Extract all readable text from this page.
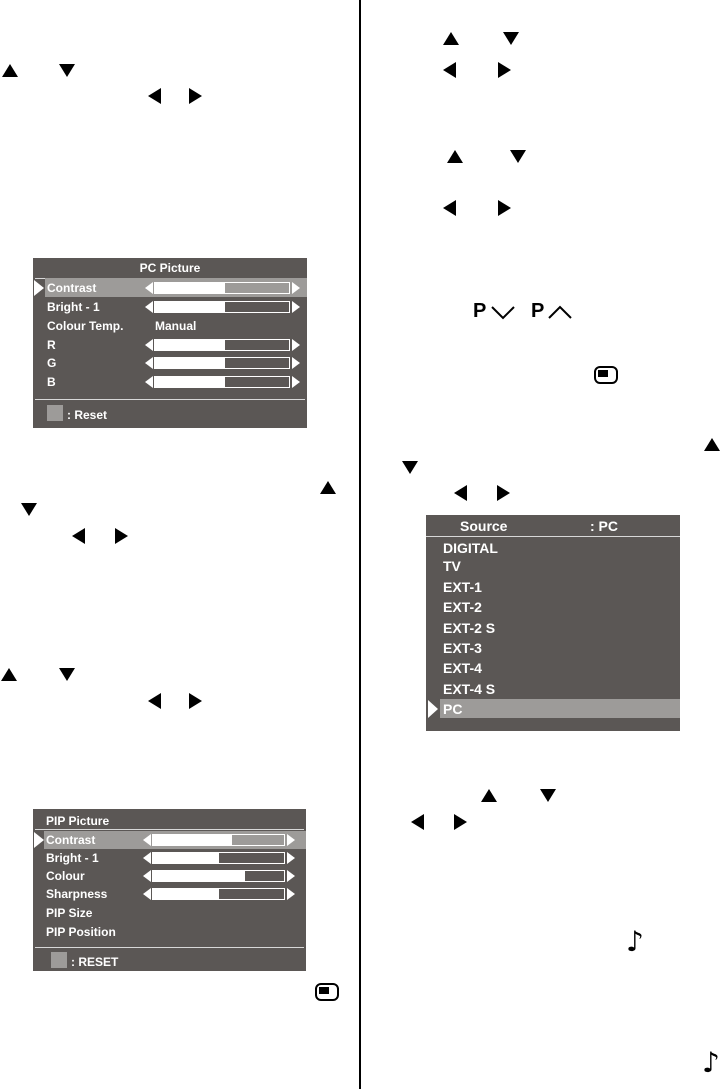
PC Picture
Contrast
Bright - 1
Colour Temp.	Manual
R
G
B
: Reset
PIP Picture
Contrast
Bright - 1
Colour
Sharpness
PIP Size
PIP Position
: RESET
P P
Source	: PC
DIGITAL
TV
EXT-1
EXT-2
EXT-2 S
EXT-3
EXT-4
EXT-4 S
PC
♪
♪
